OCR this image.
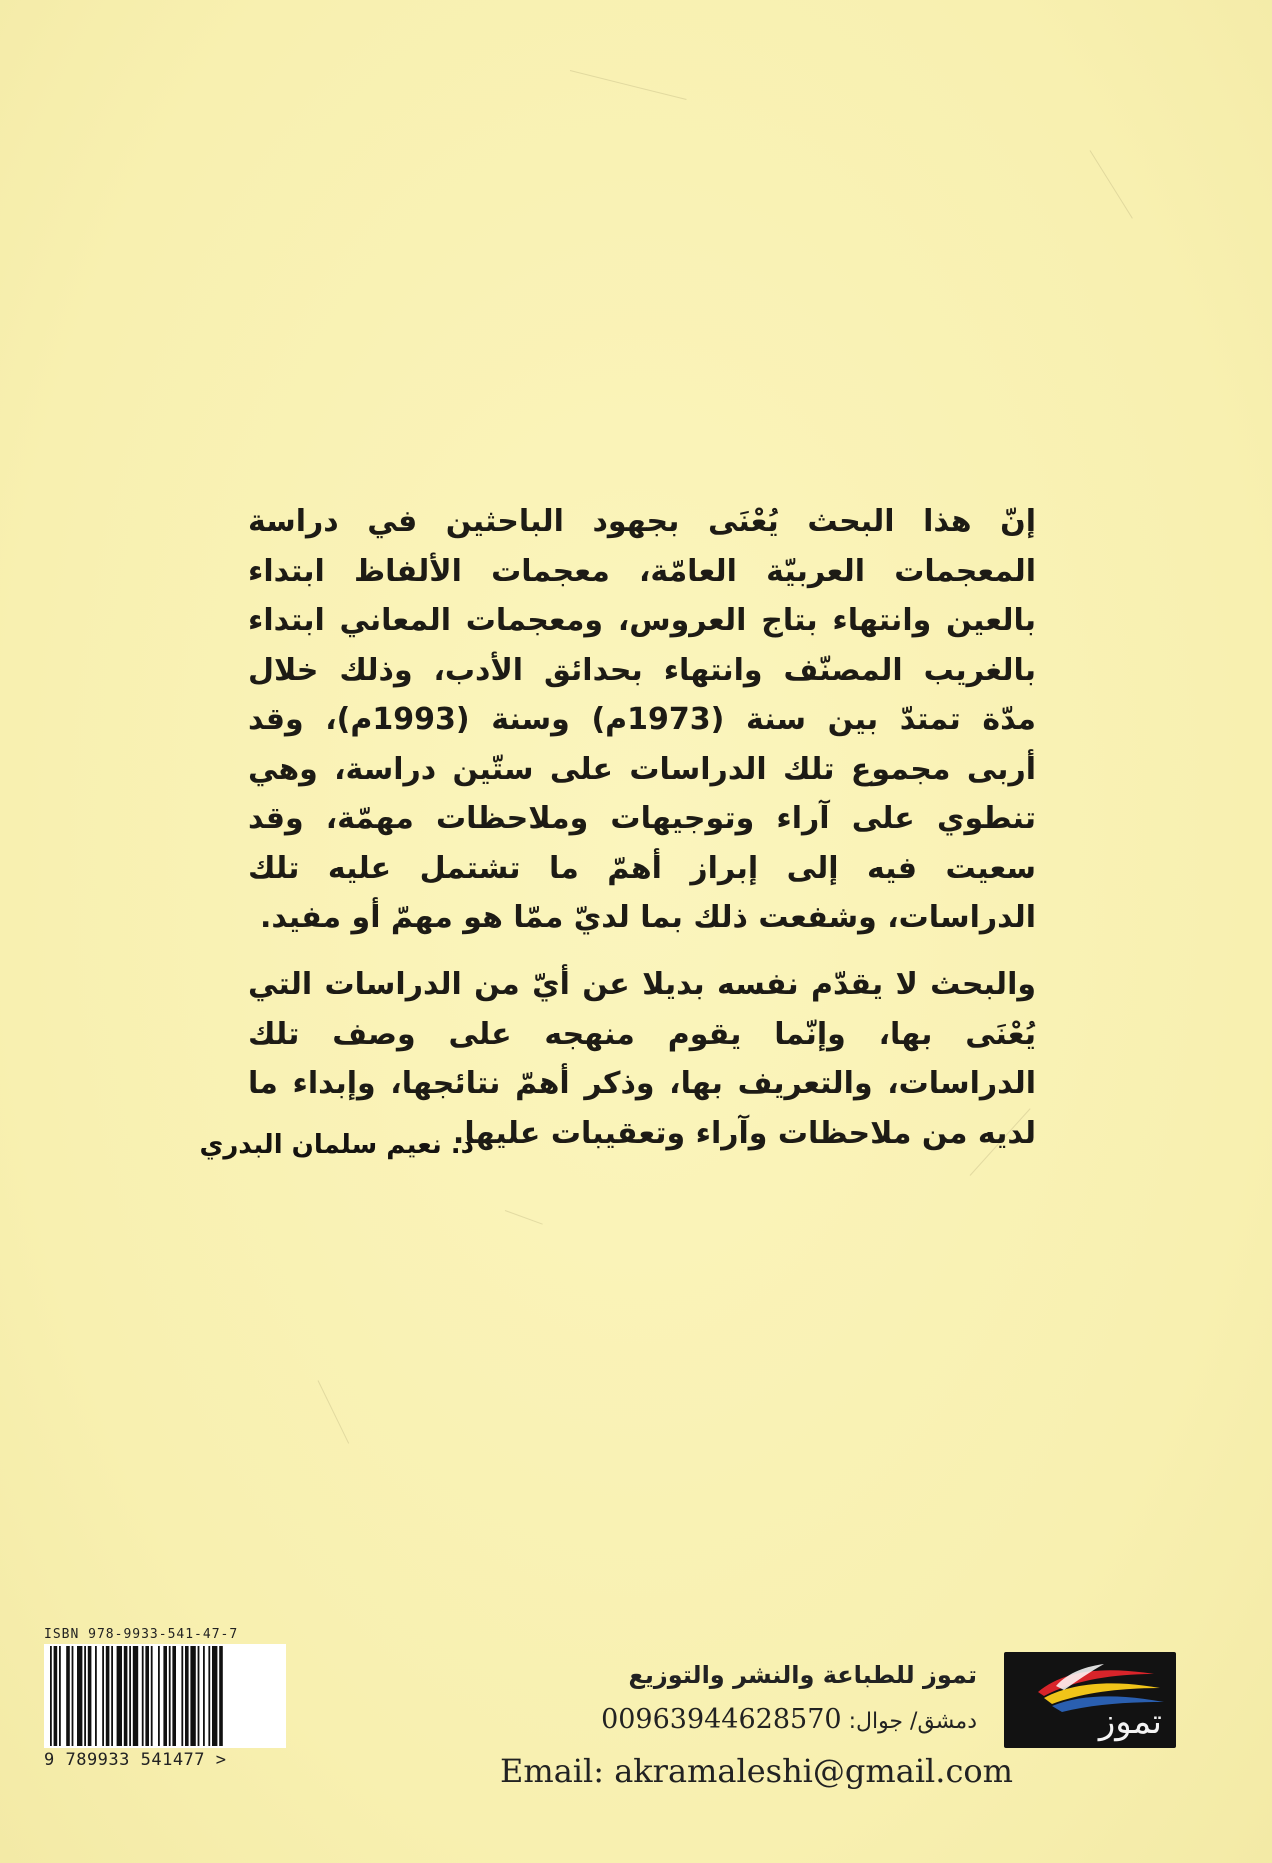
إنّ هذا البحث يُعْنَى بجهود الباحثين في دراسة المعجمات العربيّة العامّة، معجمات الألفاظ ابتداء بالعين وانتهاء بتاج العروس، ومعجمات المعاني ابتداء بالغريب المصنّف وانتهاء بحدائق الأدب، وذلك خلال مدّة تمتدّ بين سنة (1973م) وسنة (1993م)، وقد أربى مجموع تلك الدراسات على ستّين دراسة، وهي تنطوي على آراء وتوجيهات وملاحظات مهمّة، وقد سعيت فيه إلى إبراز أهمّ ما تشتمل عليه تلك الدراسات، وشفعت ذلك بما لديّ ممّا هو مهمّ أو مفيد.

والبحث لا يقدّم نفسه بديلا عن أيّ من الدراسات التي يُعْنَى بها، وإنّما يقوم منهجه على وصف تلك الدراسات، والتعريف بها، وذكر أهمّ نتائجها، وإبداء ما لديه من ملاحظات وآراء وتعقيبات عليها.

د. نعيم سلمان البدري
ISBN 978-9933-541-47-7
9 789933 541477 >
تموز للطباعة والنشر والتوزيع
دمشق/ جوال: 00963944628570
Email: akramaleshi@gmail.com
تموز
